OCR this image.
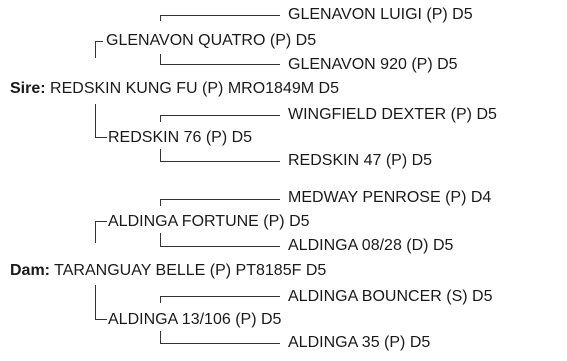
GLENAVON LUIGI (P) D5
GLENAVON QUATRO (P) D5
GLENAVON 920 (P) D5
Sire: REDSKIN KUNG FU (P) MRO1849M D5
WINGFIELD DEXTER (P) D5
REDSKIN 76 (P) D5
REDSKIN 47 (P) D5
MEDWAY PENROSE (P) D4
ALDINGA FORTUNE (P) D5
ALDINGA 08/28 (D) D5
Dam: TARANGUAY BELLE (P) PT8185F D5
ALDINGA BOUNCER (S) D5
ALDINGA 13/106 (P) D5
ALDINGA 35 (P) D5
